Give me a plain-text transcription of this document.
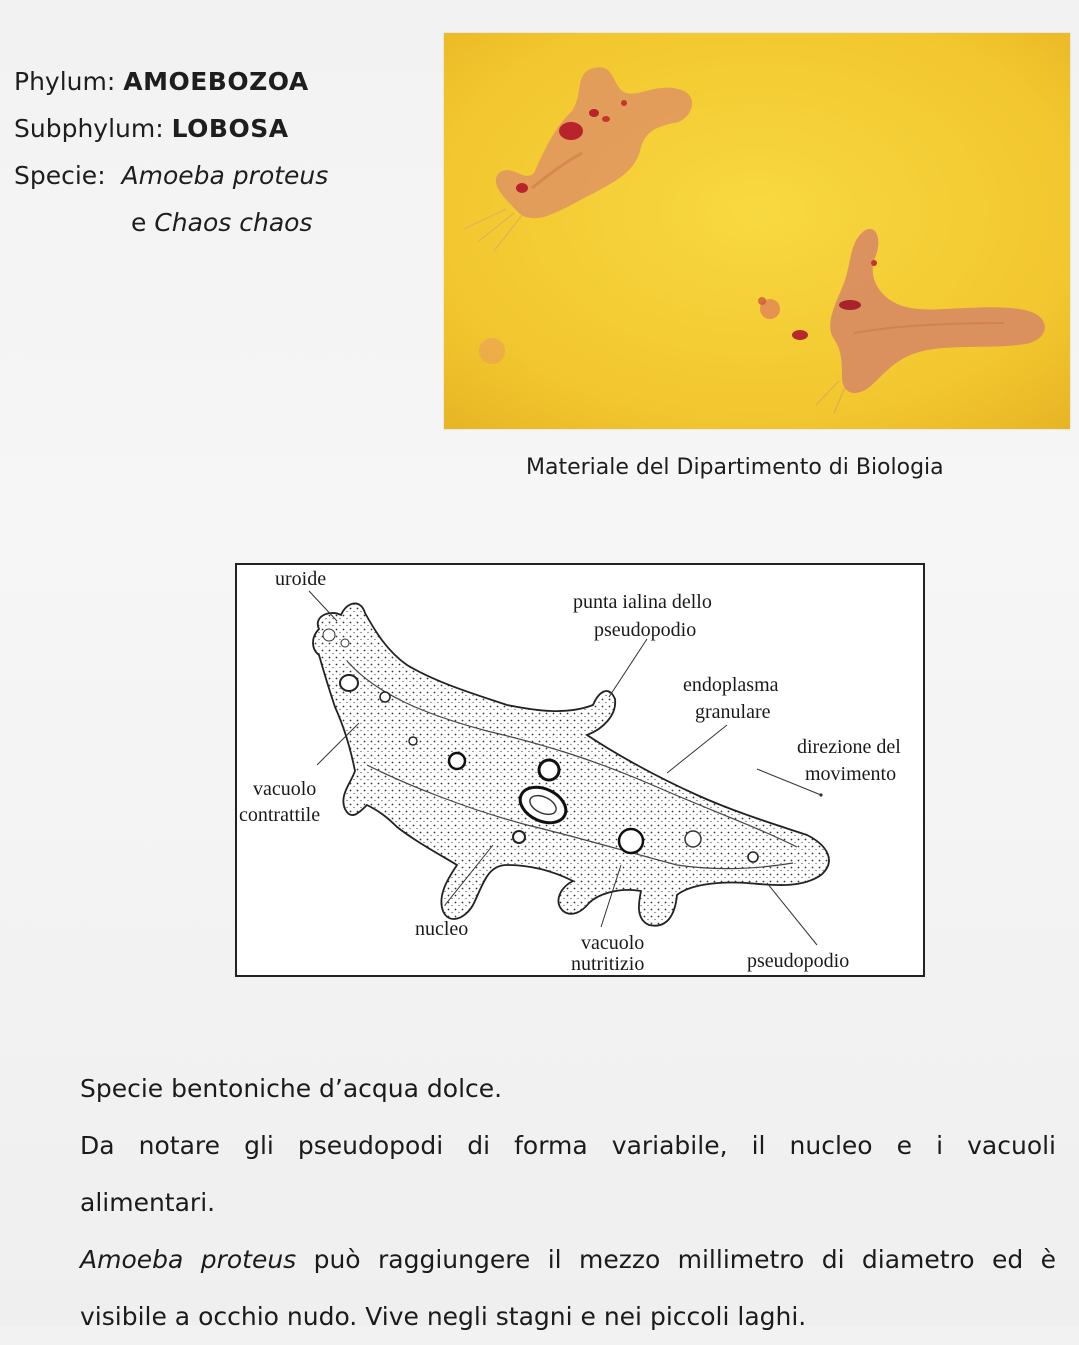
Phylum: AMOEBOZOA
Subphylum: LOBOSA
Specie: Amoeba proteus
e Chaos chaos
Materiale del Dipartimento di Biologia
uroide
punta ialina dello
pseudopodio
endoplasma
granulare
direzione del
movimento
vacuolo
contrattile
nucleo
vacuolo
nutritizio	pseudopodio

Specie bentoniche d’acqua dolce.

Da notare gli pseudopodi di forma variabile, il nucleo e i vacuoli

alimentari.

Amoeba proteus può raggiungere il mezzo millimetro di diametro ed è

visibile a occhio nudo. Vive negli stagni e nei piccoli laghi.
